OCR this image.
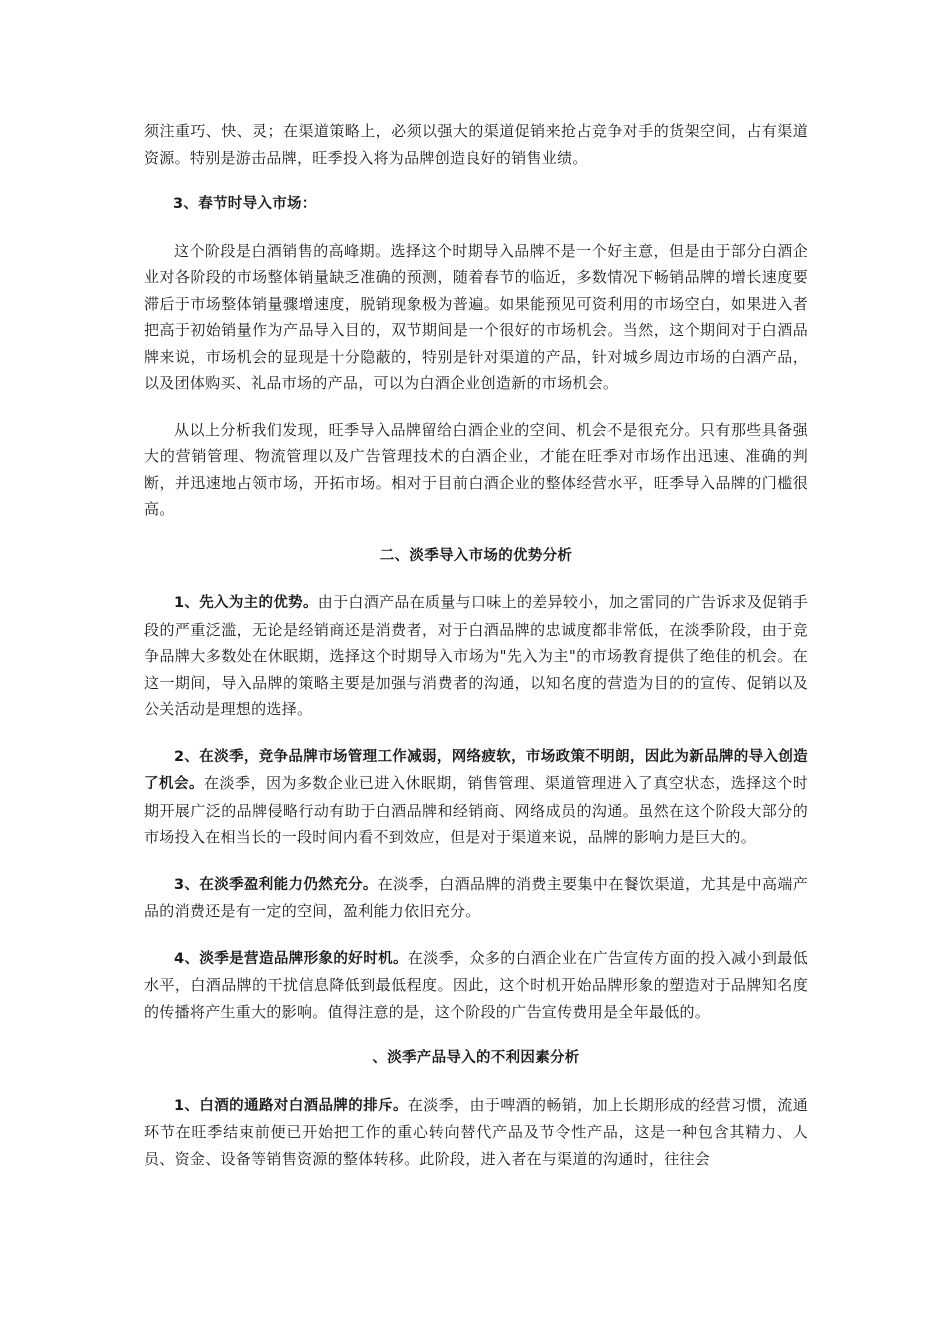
须注重巧、快、灵；在渠道策略上，必须以强大的渠道促销来抢占竞争对手的货架空间，占有渠道资源。特别是游击品牌，旺季投入将为品牌创造良好的销售业绩。

3、春节时导入市场：

这个阶段是白酒销售的高峰期。选择这个时期导入品牌不是一个好主意，但是由于部分白酒企业对各阶段的市场整体销量缺乏准确的预测，随着春节的临近，多数情况下畅销品牌的增长速度要滞后于市场整体销量骤增速度，脱销现象极为普遍。如果能预见可资利用的市场空白，如果进入者把高于初始销量作为产品导入目的，双节期间是一个很好的市场机会。当然，这个期间对于白酒品牌来说，市场机会的显现是十分隐蔽的，特别是针对渠道的产品，针对城乡周边市场的白酒产品，以及团体购买、礼品市场的产品，可以为白酒企业创造新的市场机会。

从以上分析我们发现，旺季导入品牌留给白酒企业的空间、机会不是很充分。只有那些具备强大的营销管理、物流管理以及广告管理技术的白酒企业，才能在旺季对市场作出迅速、准确的判断，并迅速地占领市场，开拓市场。相对于目前白酒企业的整体经营水平，旺季导入品牌的门槛很高。

二、淡季导入市场的优势分析

1、先入为主的优势。由于白酒产品在质量与口味上的差异较小，加之雷同的广告诉求及促销手段的严重泛滥，无论是经销商还是消费者，对于白酒品牌的忠诚度都非常低，在淡季阶段，由于竞争品牌大多数处在休眠期，选择这个时期导入市场为"先入为主"的市场教育提供了绝佳的机会。在这一期间，导入品牌的策略主要是加强与消费者的沟通，以知名度的营造为目的的宣传、促销以及公关活动是理想的选择。

2、在淡季，竞争品牌市场管理工作减弱，网络疲软，市场政策不明朗，因此为新品牌的导入创造了机会。在淡季，因为多数企业已进入休眠期，销售管理、渠道管理进入了真空状态，选择这个时期开展广泛的品牌侵略行动有助于白酒品牌和经销商、网络成员的沟通。虽然在这个阶段大部分的市场投入在相当长的一段时间内看不到效应，但是对于渠道来说，品牌的影响力是巨大的。

3、在淡季盈利能力仍然充分。在淡季，白酒品牌的消费主要集中在餐饮渠道，尤其是中高端产品的消费还是有一定的空间，盈利能力依旧充分。

4、淡季是营造品牌形象的好时机。在淡季，众多的白酒企业在广告宣传方面的投入减小到最低水平，白酒品牌的干扰信息降低到最低程度。因此，这个时机开始品牌形象的塑造对于品牌知名度的传播将产生重大的影响。值得注意的是，这个阶段的广告宣传费用是全年最低的。

、淡季产品导入的不利因素分析

1、白酒的通路对白酒品牌的排斥。在淡季，由于啤酒的畅销，加上长期形成的经营习惯，流通环节在旺季结束前便已开始把工作的重心转向替代产品及节令性产品，这是一种包含其精力、人员、资金、设备等销售资源的整体转移。此阶段，进入者在与渠道的沟通时，往往会
